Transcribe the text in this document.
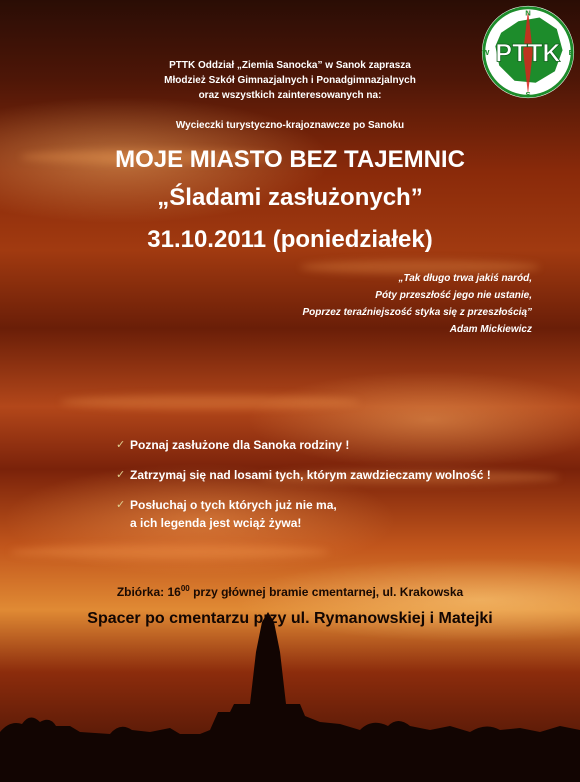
PTTK
N
S
E
W
PTTK Oddział „Ziemia Sanocka” w Sanok zaprasza
Młodzież Szkół Gimnazjalnych i Ponadgimnazjalnych
oraz wszystkich zainteresowanych na:
Wycieczki turystyczno-krajoznawcze po Sanoku
MOJE MIASTO BEZ TAJEMNIC
„Śladami zasłużonych”
31.10.2011 (poniedziałek)
„Tak długo trwa jakiś naród,
Póty przeszłość jego nie ustanie,
Poprzez teraźniejszość styka się z przeszłością”
Adam Mickiewicz
✓ Poznaj zasłużone dla Sanoka rodziny !
✓ Zatrzymaj się nad losami tych, którym zawdzieczamy wolność !
✓ Posłuchaj o tych których już nie ma,
a ich legenda jest wciąż żywa!
Zbiórka: $16^{00}$ przy głównej bramie cmentarnej, ul. Krakowska
Spacer po cmentarzu przy ul. Rymanowskiej i Matejki
